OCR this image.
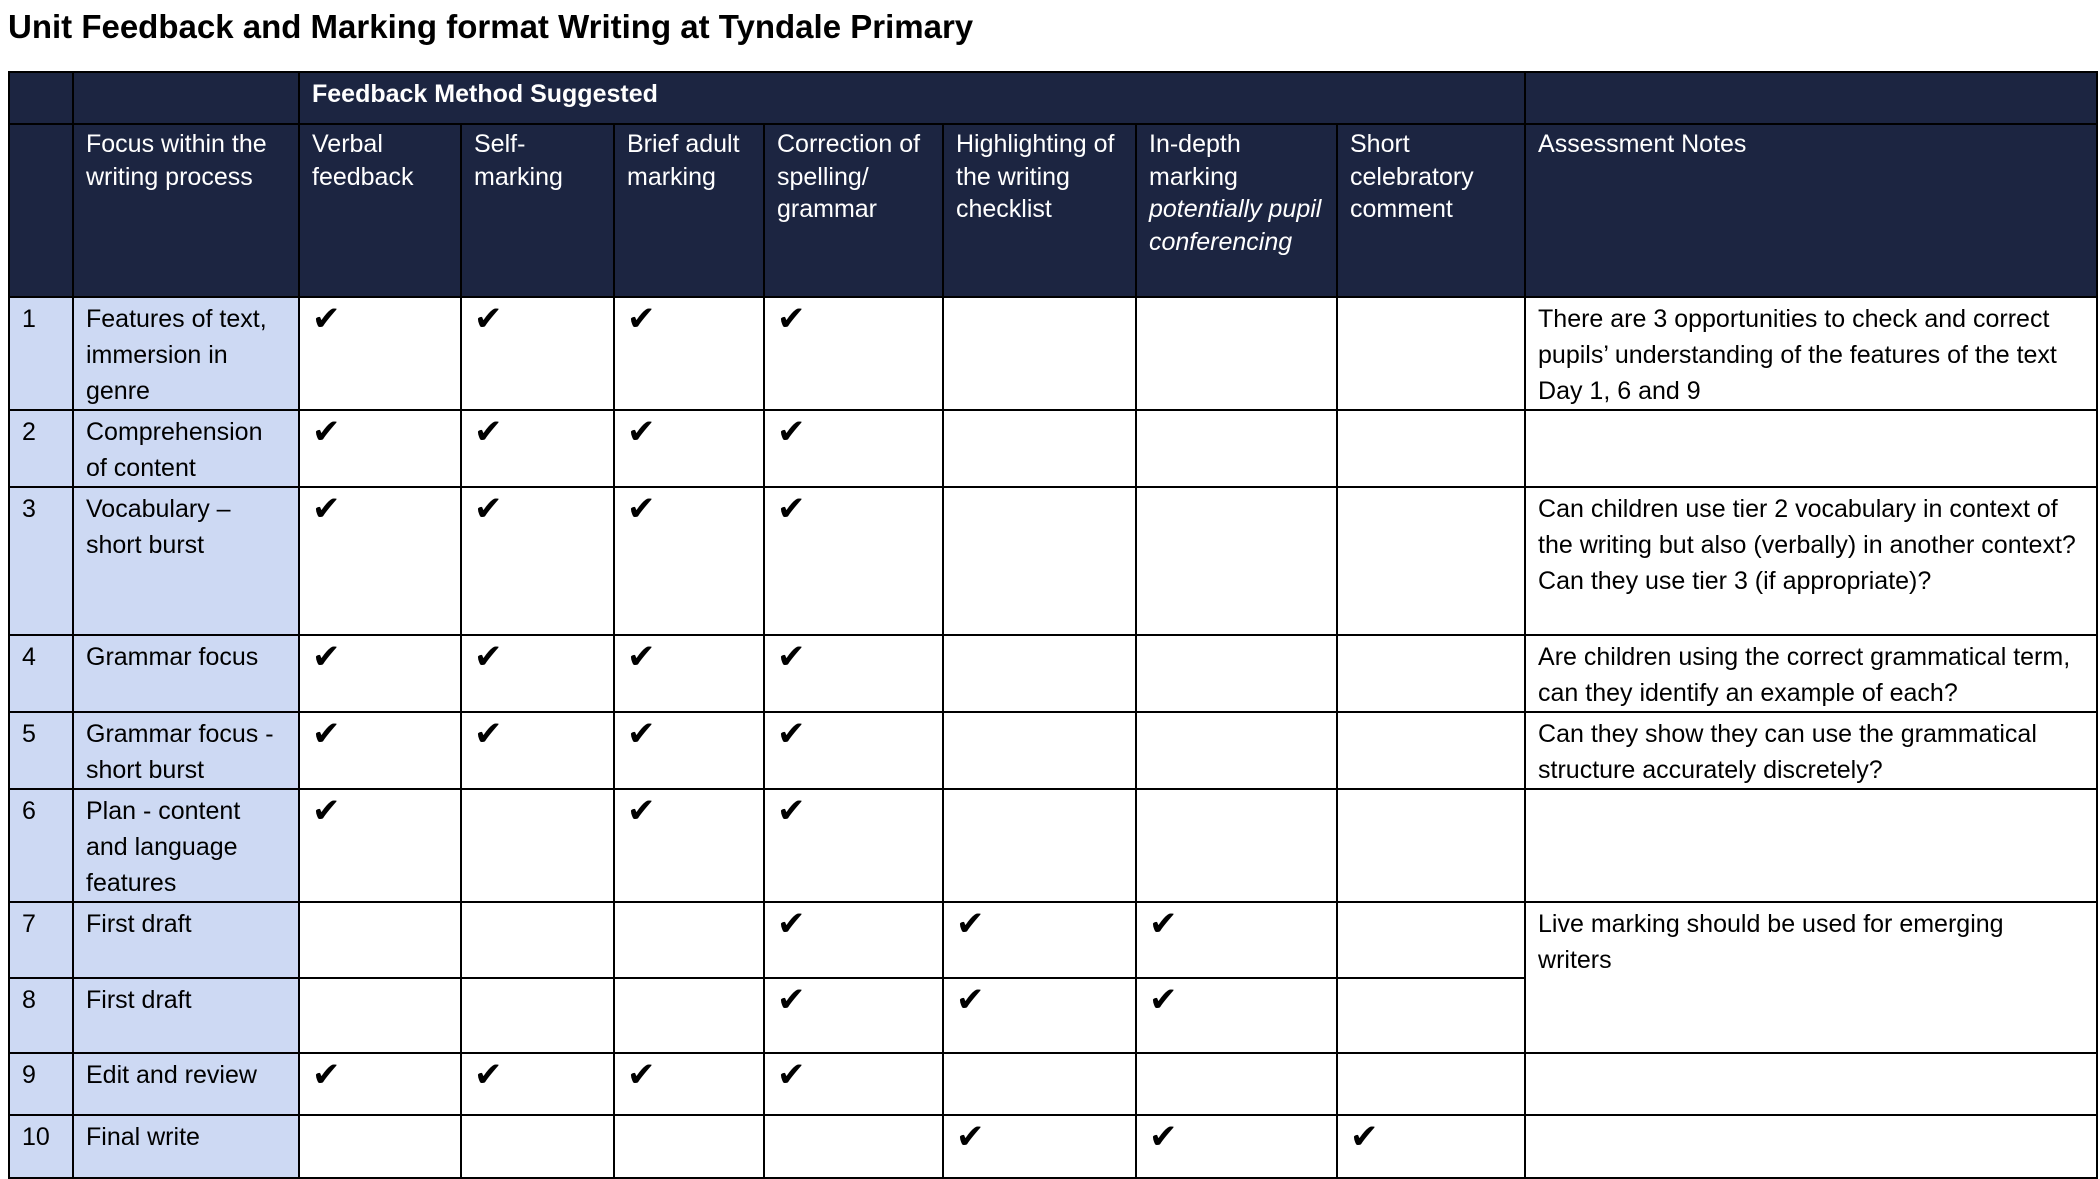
Unit Feedback and Marking format Writing at Tyndale Primary
		Feedback Method Suggested							
	Focus within the writing process	Verbal feedback	Self-marking	Brief adult marking	Correction of spelling/ grammar	Highlighting of the writing checklist	In-depth marking potentially pupil conferencing	Short celebratory comment	Assessment Notes
1	Features of text, immersion in genre	✔	✔	✔	✔				There are 3 opportunities to check and correct pupils’ understanding of the features of the text Day 1, 6 and 9

2	Comprehension of content	✔	✔	✔	✔				

3	Vocabulary – short burst	✔	✔	✔	✔				Can children use tier 2 vocabulary in context of the writing but also (verbally) in another context?
Can they use tier 3 (if appropriate)?

4	Grammar focus	✔	✔	✔	✔				Are children using the correct grammatical term, can they identify an example of each?

5	Grammar focus - short burst	✔	✔	✔	✔				Can they show they can use the grammatical structure accurately discretely?

6	Plan - content and language features	✔		✔	✔				

7	First draft				✔	✔	✔		Live marking should be used for emerging writers

8	First draft				✔	✔	✔		
9	Edit and review	✔	✔	✔	✔				

10	Final write					✔	✔	✔	
